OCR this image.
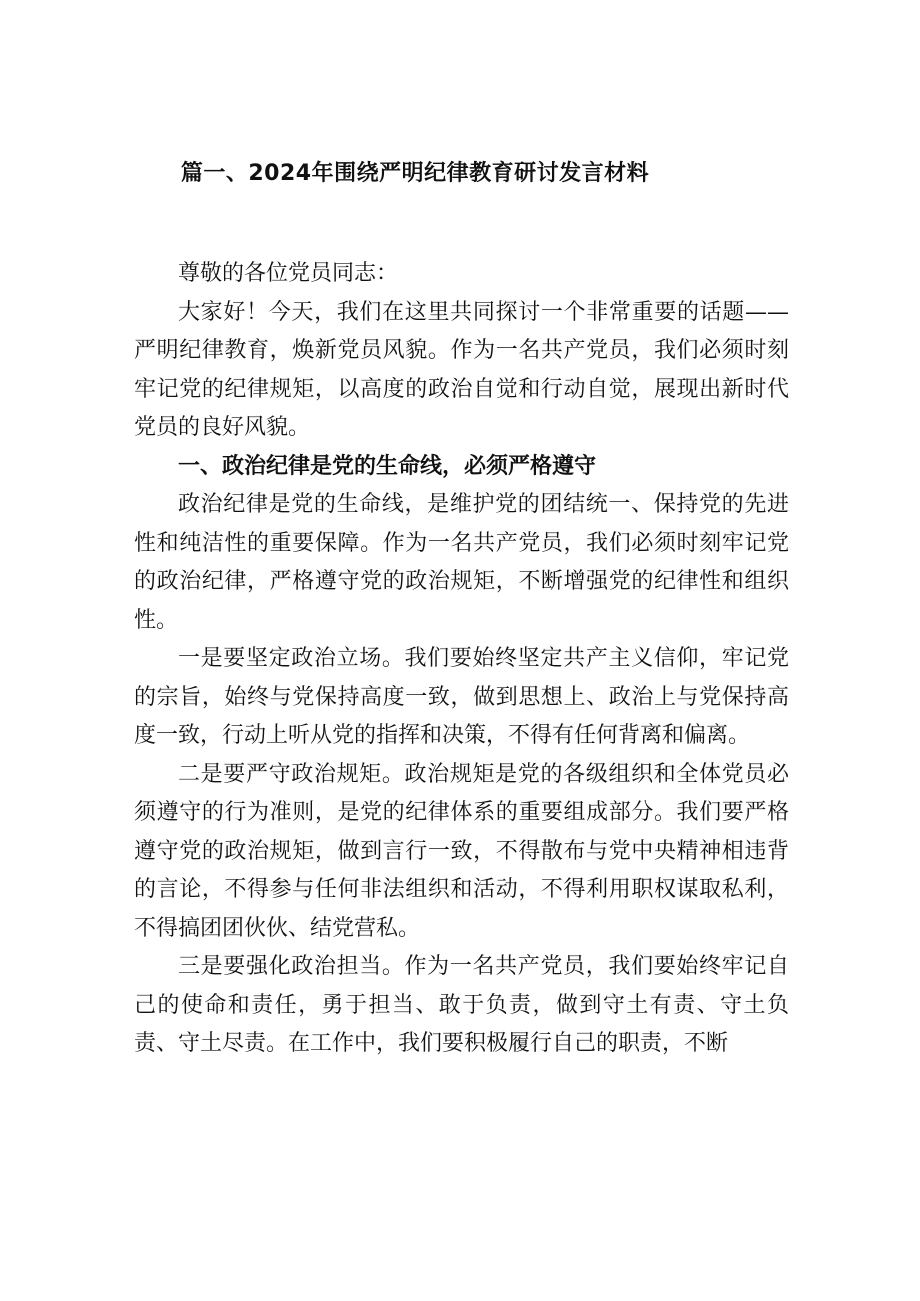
篇一、2024年围绕严明纪律教育研讨发言材料

尊敬的各位党员同志：

大家好！今天，我们在这里共同探讨一个非常重要的话题——严明纪律教育，焕新党员风貌。作为一名共产党员，我们必须时刻牢记党的纪律规矩，以高度的政治自觉和行动自觉，展现出新时代党员的良好风貌。

一、政治纪律是党的生命线，必须严格遵守

政治纪律是党的生命线，是维护党的团结统一、保持党的先进性和纯洁性的重要保障。作为一名共产党员，我们必须时刻牢记党的政治纪律，严格遵守党的政治规矩，不断增强党的纪律性和组织性。

一是要坚定政治立场。我们要始终坚定共产主义信仰，牢记党的宗旨，始终与党保持高度一致，做到思想上、政治上与党保持高度一致，行动上听从党的指挥和决策，不得有任何背离和偏离。

二是要严守政治规矩。政治规矩是党的各级组织和全体党员必须遵守的行为准则，是党的纪律体系的重要组成部分。我们要严格遵守党的政治规矩，做到言行一致，不得散布与党中央精神相违背的言论，不得参与任何非法组织和活动，不得利用职权谋取私利，不得搞团团伙伙、结党营私。

三是要强化政治担当。作为一名共产党员，我们要始终牢记自己的使命和责任，勇于担当、敢于负责，做到守土有责、守土负责、守土尽责。在工作中，我们要积极履行自己的职责，不断
